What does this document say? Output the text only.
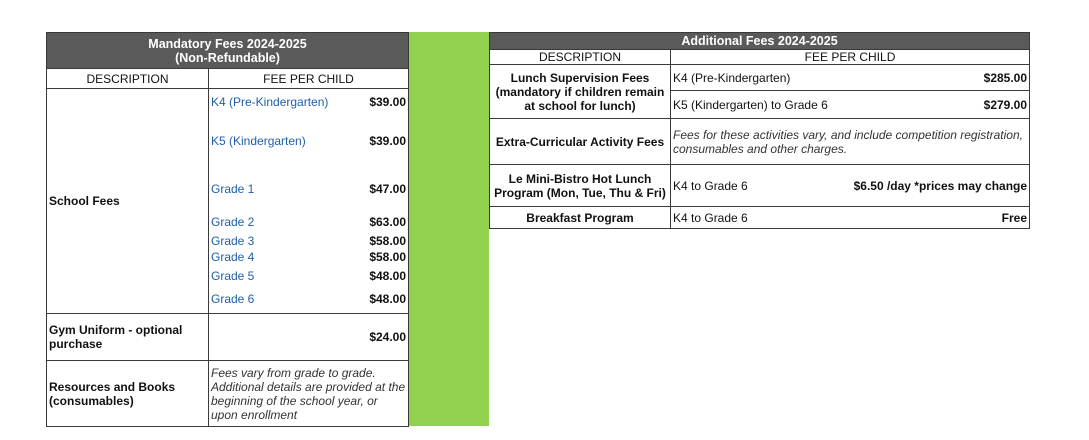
Mandatory Fees 2024-2025
(Non-Refundable)

DESCRIPTION	FEE PER CHILD
School Fees	
K4 (Pre-Kindergarten)	$39.00
K5 (Kindergarten)	$39.00
Grade 1	$47.00
Grade 2	$63.00
Grade 3	$58.00
Grade 4	$58.00
Grade 5	$48.00
Grade 6	$48.00

Gym Uniform - optional purchase	$24.00
Resources and Books (consumables)	Fees vary from grade to grade. Additional details are provided at the beginning of the school year, or upon enrollment
Additional Fees 2024-2025		
DESCRIPTION	FEE PER CHILD	
Lunch Supervision Fees (mandatory if children remain at school for lunch)	K4 (Pre-Kindergarten)	$285.00
	K5 (Kindergarten) to Grade 6	$279.00
Extra-Curricular Activity Fees	Fees for these activities vary, and include competition registration, consumables and other charges.	
Le Mini-Bistro Hot Lunch Program (Mon, Tue, Thu & Fri)	K4 to Grade 6	$6.50 /day *prices may change
Breakfast Program	K4 to Grade 6	Free
